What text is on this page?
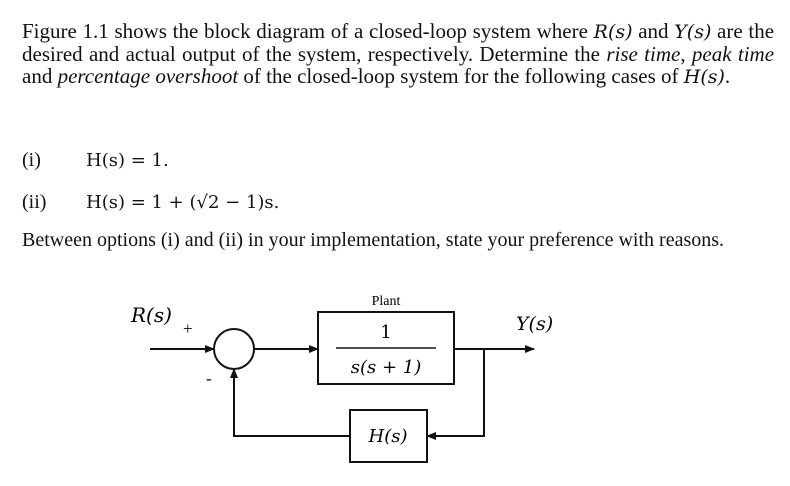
Figure 1.1 shows the block diagram of a closed-loop system where R(s) and Y(s) are the desired and actual output of the system, respectively. Determine the rise time, peak time and percentage overshoot of the closed-loop system for the following cases of H(s).

(i)	H(s) = 1.
(ii) H(s) = 1 + (√2 − 1)s.
Between options (i) and (ii) in your implementation, state your preference with reasons.
R(s)
+
-
Plant
1
s(s + 1)
Y(s)
H(s)
